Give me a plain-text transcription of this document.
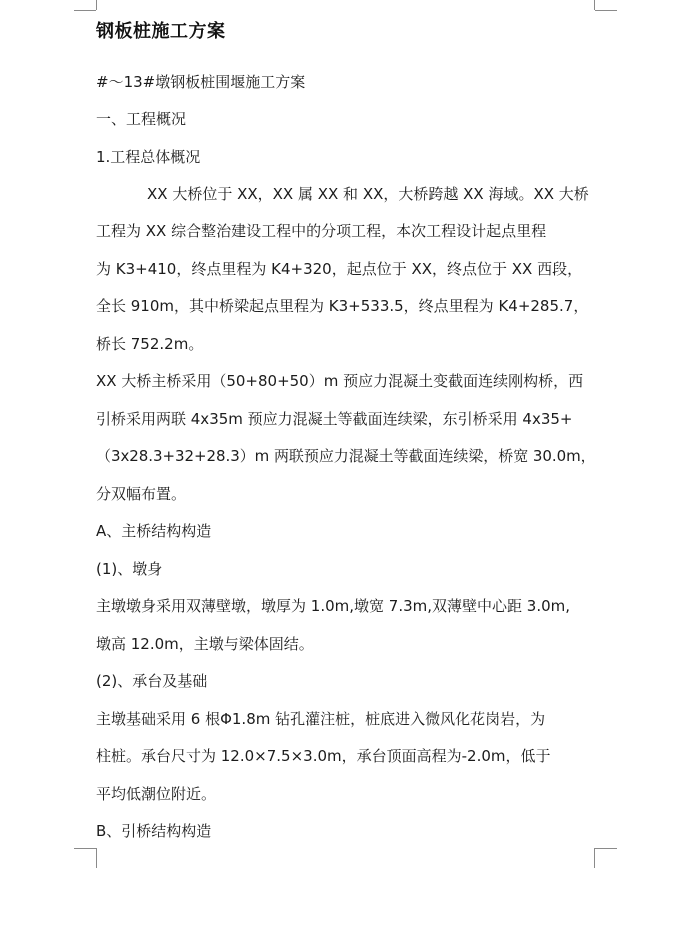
钢板桩施工方案
#～13#墩钢板桩围堰施工方案
一、工程概况
1.工程总体概况
XX 大桥位于 XX，XX 属 XX 和 XX，大桥跨越 XX 海域。XX 大桥
工程为 XX 综合整治建设工程中的分项工程，本次工程设计起点里程
为 K3+410，终点里程为 K4+320，起点位于 XX，终点位于 XX 西段，
全长 910m，其中桥梁起点里程为 K3+533.5，终点里程为 K4+285.7，
桥长 752.2m。
XX 大桥主桥采用（50+80+50）m 预应力混凝土变截面连续刚构桥，西
引桥采用两联 4x35m 预应力混凝土等截面连续梁，东引桥采用 4x35+
（3x28.3+32+28.3）m 两联预应力混凝土等截面连续梁，桥宽 30.0m，
分双幅布置。
A、主桥结构构造
(1)、墩身
主墩墩身采用双薄壁墩，墩厚为 1.0m,墩宽 7.3m,双薄壁中心距 3.0m,
墩高 12.0m，主墩与梁体固结。
(2)、承台及基础
主墩基础采用 6 根Φ1.8m 钻孔灌注桩，桩底进入微风化花岗岩，为
柱桩。承台尺寸为 12.0×7.5×3.0m，承台顶面高程为-2.0m，低于
平均低潮位附近。
B、引桥结构构造
